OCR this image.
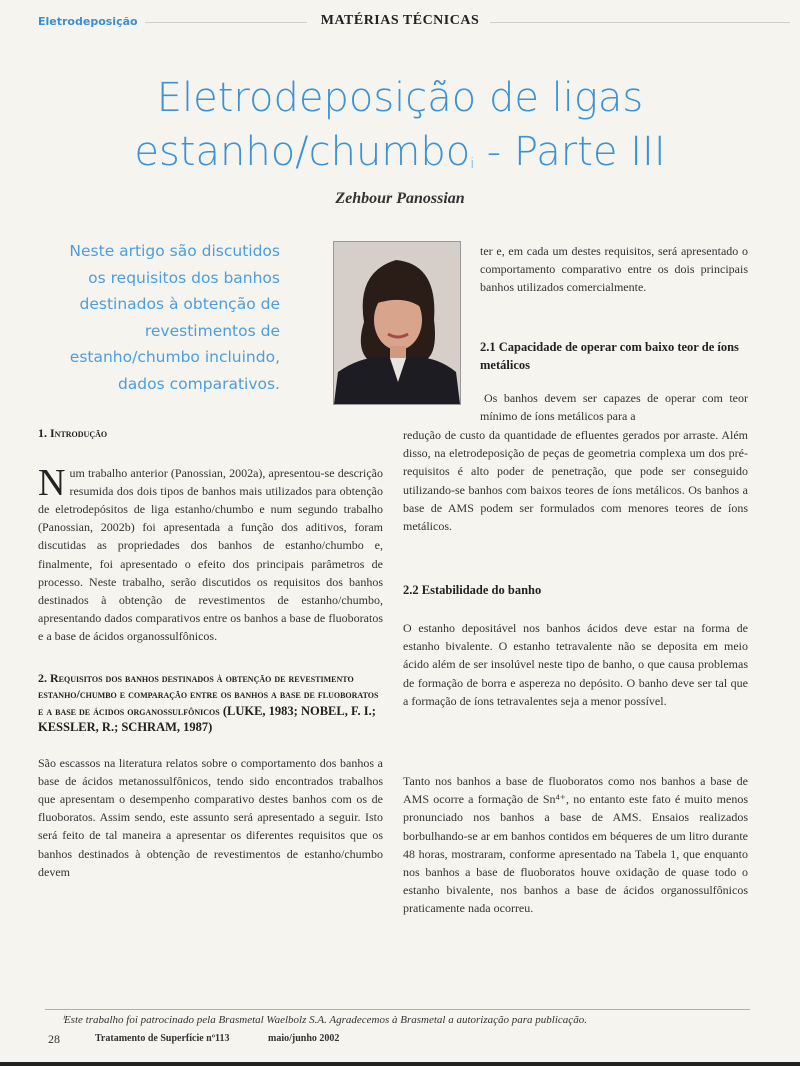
Eletrodeposição	MATÉRIAS TÉCNICAS
Eletrodeposição de ligas
estanho/chumbo$^i$ - Parte III
Zehbour Panossian
Neste artigo são discutidos
os requisitos dos banhos
destinados à obtenção de
revestimentos de
estanho/chumbo incluindo,
dados comparativos.
1. Introdução
Num trabalho anterior (Panossian, 2002a), apresentou-se descrição resumida dos dois tipos de banhos mais utilizados para obtenção de eletrodepósitos de liga estanho/chumbo e num segundo trabalho (Panossian, 2002b) foi apresentada a função dos aditivos, foram discutidas as propriedades dos banhos de estanho/chumbo e, finalmente, foi apresentado o efeito dos principais parâmetros de processo. Neste trabalho, serão discutidos os requisitos dos banhos destinados à obtenção de revestimentos de estanho/chumbo, apresentando dados comparativos entre os banhos a base de fluoboratos e a base de ácidos organossulfônicos.
2. Requisitos dos banhos destinados à obtenção de revestimento estanho/chumbo e comparação entre os banhos a base de fluoboratos e a base de ácidos organossulfônicos (LUKE, 1983; NOBEL, F. I.; KESSLER, R.; SCHRAM, 1987)
São escassos na literatura relatos sobre o comportamento dos banhos a base de ácidos metanossulfônicos, tendo sido encontrados trabalhos que apresentam o desempenho comparativo destes banhos com os de fluoboratos. Assim sendo, este assunto será apresentado a seguir. Isto será feito de tal maneira a apresentar os diferentes requisitos que os banhos destinados à obtenção de revestimentos de estanho/chumbo devem
ter e, em cada um destes requisitos, será apresentado o comportamento comparativo entre os dois principais banhos utilizados comercialmente.
2.1 Capacidade de operar com baixo teor de íons metálicos
Os banhos devem ser capazes de operar com teor mínimo de íons metálicos para a
redução de custo da quantidade de efluentes gerados por arraste. Além disso, na eletrodeposição de peças de geometria complexa um dos pré-requisitos é alto poder de penetração, que pode ser conseguido utilizando-se banhos com baixos teores de íons metálicos. Os banhos a base de AMS podem ser formulados com menores teores de íons metálicos.
2.2 Estabilidade do banho
O estanho depositável nos banhos ácidos deve estar na forma de estanho bivalente. O estanho tetravalente não se deposita em meio ácido além de ser insolúvel neste tipo de banho, o que causa problemas de formação de borra e aspereza no depósito. O banho deve ser tal que a formação de íons tetravalentes seja a menor possível.
Tanto nos banhos a base de fluoboratos como nos banhos a base de AMS ocorre a formação de Sn⁴⁺, no entanto este fato é muito menos pronunciado nos banhos a base de AMS. Ensaios realizados borbulhando-se ar em banhos contidos em béqueres de um litro durante 48 horas, mostraram, conforme apresentado na Tabela 1, que enquanto nos banhos a base de fluoboratos houve oxidação de quase todo o estanho bivalente, nos banhos a base de ácidos organossulfônicos praticamente nada ocorreu.
ⁱEste trabalho foi patrocinado pela Brasmetal Waelbolz S.A. Agradecemos à Brasmetal a autorização para publicação.
28	Tratamento de Superfície nº113	maio/junho 2002
